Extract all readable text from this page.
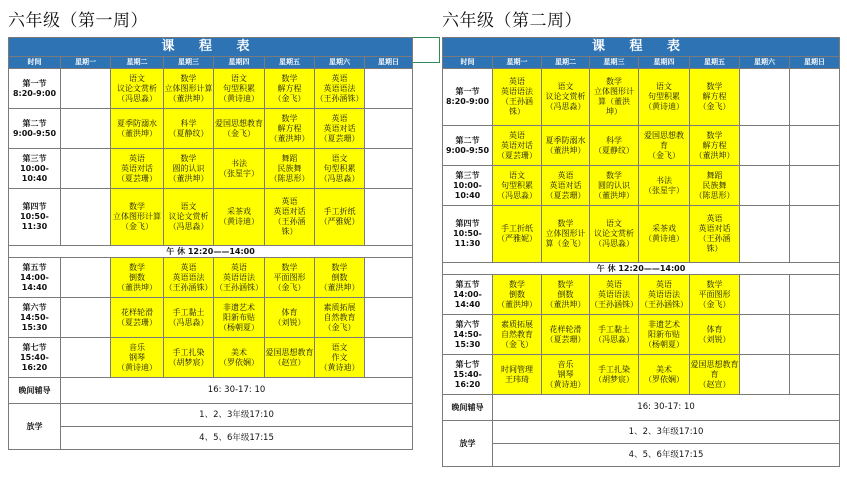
六年级（第一周）	六年级（第二周）
课 程 表							
时间	星期一	星期二	星期三	星期四	星期五	星期六	星期日

第一节
8:20-9:00		语文
议论文赏析
（冯思淼）	数学
立体图形计算
（董洪坤）	语文
句型积累
（黄诗迪）	数学
解方程
（金飞）	英语
英语语法
（王孙涵铢）	

第二节
9:00-9:50		夏季防溺水
（董洪坤）	科学
（夏静纹）	爱国思想教育
（金飞）	数学
解方程
（董洪坤）	英语
英语对话
（夏芸珊）	

第三节
10:00-10:40		英语
英语对话
（夏芸珊）	数学
圆的认识
（董洪坤）	书法
（张星宇）	舞蹈
民族舞
（陈思形）	语文
句型积累
（冯思淼）	

第四节
10:50-11:30		数学
立体图形计算
（金飞）	语文
议论文赏析
（冯思淼）	采茶戏
（黄诗迪）	英语
英语对话
（王孙涵
铢）	手工折纸
（严雅妮）	

午 休 12:20——14:00							

第五节
14:00-14:40		数学
倒数
（董洪坤）	英语
英语语法
（王孙涵铢）	英语
英语语法
（王孙涵铢）	数学
平面图形
（金飞）	数学
倒数
（董洪坤）	

第六节
14:50-15:30		花样轮滑
（夏芸珊）	手工黏土
（冯思淼）	非遗艺术
阳新布贴
（杨朝夏）	体育
（刘锐）	素质拓展
自然教育
（金飞）	

第七节
15:40-16:20		音乐
钢琴
（黄诗迪）	手工扎染
（胡梦宸）	美术
（罗依娴）	爱国思想教育
（赵宣）	语文
作文
（黄诗迪）	

晚间辅导	16: 30-17: 10						
放学	1、2、3年级17:10						
	4、5、6年级17:15						
课 程 表							
时间	星期一	星期二	星期三	星期四	星期五	星期六	星期日

第一节
8:20-9:00	英语
英语语法
（王孙涵
铢）	语文
议论文赏析
（冯思淼）	数学
立体图形计
算（董洪
坤）	语文
句型积累
（黄诗迪）	数学
解方程
（金飞）		

第二节
9:00-9:50	英语
英语对话
（夏芸珊）	夏季防溺水
（董洪坤）	科学
（夏静纹）	爱国思想教
育
（金飞）	数学
解方程
（董洪坤）		

第三节
10:00-10:40	语文
句型积累
（冯思淼）	英语
英语对话
（夏芸珊）	数学
圆的认识
（董洪坤）	书法
（张星宇）	舞蹈
民族舞
（陈思形）		

第四节
10:50-11:30	手工折纸
（严雅妮）	数学
立体图形计
算（金飞）	语文
议论文赏析
（冯思淼）	采茶戏
（黄诗迪）	英语
英语对话
（王孙涵
铢）		

午 休 12:20——14:00							

第五节
14:00-14:40	数学
倒数
（董洪坤）	数学
倒数
（董洪坤）	英语
英语语法
（王孙涵铢）	英语
英语语法
（王孙涵铢）	数学
平面图形
（金飞）		

第六节
14:50-15:30	素质拓展
自然教育
（金飞）	花样轮滑
（夏芸珊）	手工黏土
（冯思淼）	非遗艺术
阳新布贴
（杨朝夏）	体育
（刘锐）		

第七节
15:40-16:20	时间管理
王玮琦	音乐
钢琴
（黄诗迪）	手工扎染
（胡梦宸）	美术
（罗依娴）	爱国思想教育
育
（赵宣）		

晚间辅导	16: 30-17: 10						
放学	1、2、3年级17:10						
	4、5、6年级17:15						
